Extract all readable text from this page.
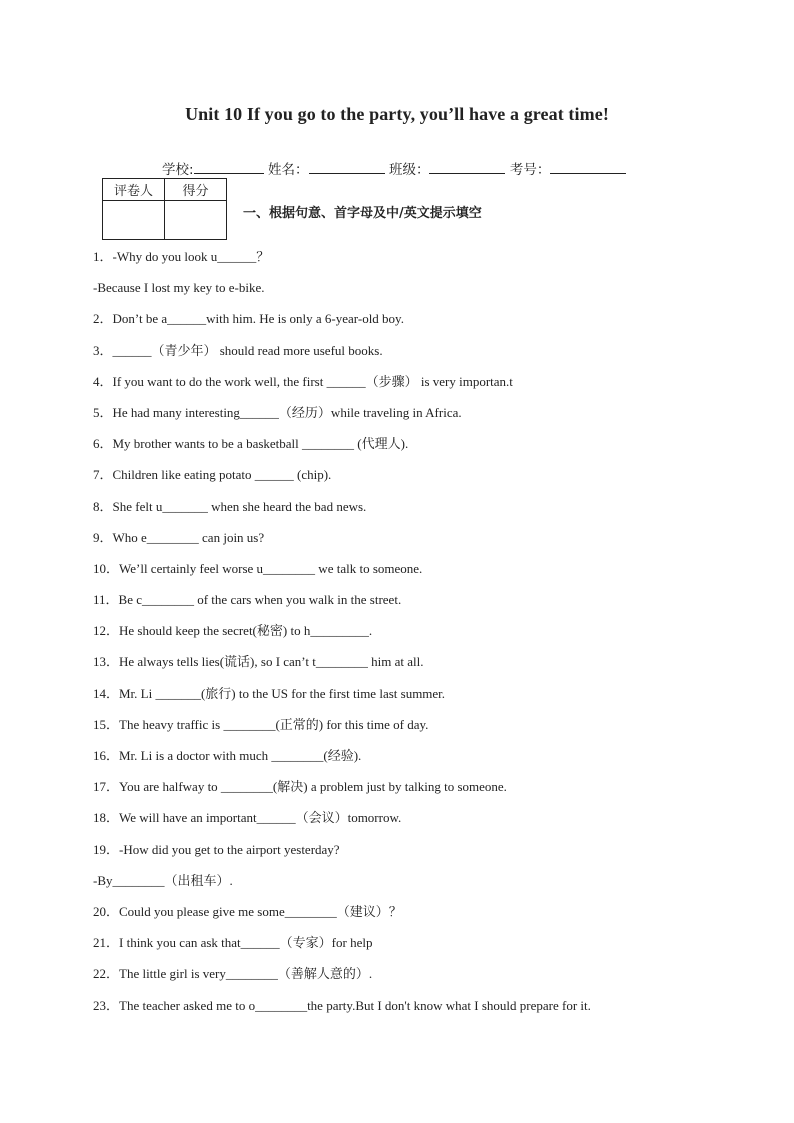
Unit 10 If you go to the party, you’ll have a great time!
学校:	姓名：	班级：	考号：
评卷人	得分

一、根据句意、首字母及中/英文提示填空
1．-Why do you look u______？
-Because I lost my key to e-bike.
2．Don’t be a______with him. He is only a 6-year-old boy.
3．______（青少年） should read more useful books.
4．If you want to do the work well, the first ______（步骤） is very importan.t
5．He had many interesting______（经历）while traveling in Africa.
6．My brother wants to be a basketball ________ (代理人).
7．Children like eating potato ______ (chip).
8．She felt u_______ when she heard the bad news.
9．Who e________ can join us?
10．We’ll certainly feel worse u________ we talk to someone.
11．Be c________ of the cars when you walk in the street.
12．He should keep the secret(秘密) to h_________.
13．He always tells lies(谎话), so I can’t t________ him at all.
14．Mr. Li _______(旅行) to the US for the first time last summer.
15．The heavy traffic is ________(正常的) for this time of day.
16．Mr. Li is a doctor with much ________(经验).
17．You are halfway to ________(解决) a problem just by talking to someone.
18．We will have an important______（会议）tomorrow.
19．-How did you get to the airport yesterday?
-By________（出租车）.
20．Could you please give me some________（建议）？
21．I think you can ask that______（专家）for help
22．The little girl is very________（善解人意的）.
23．The teacher asked me to o________the party.But I don't know what I should prepare for it.
